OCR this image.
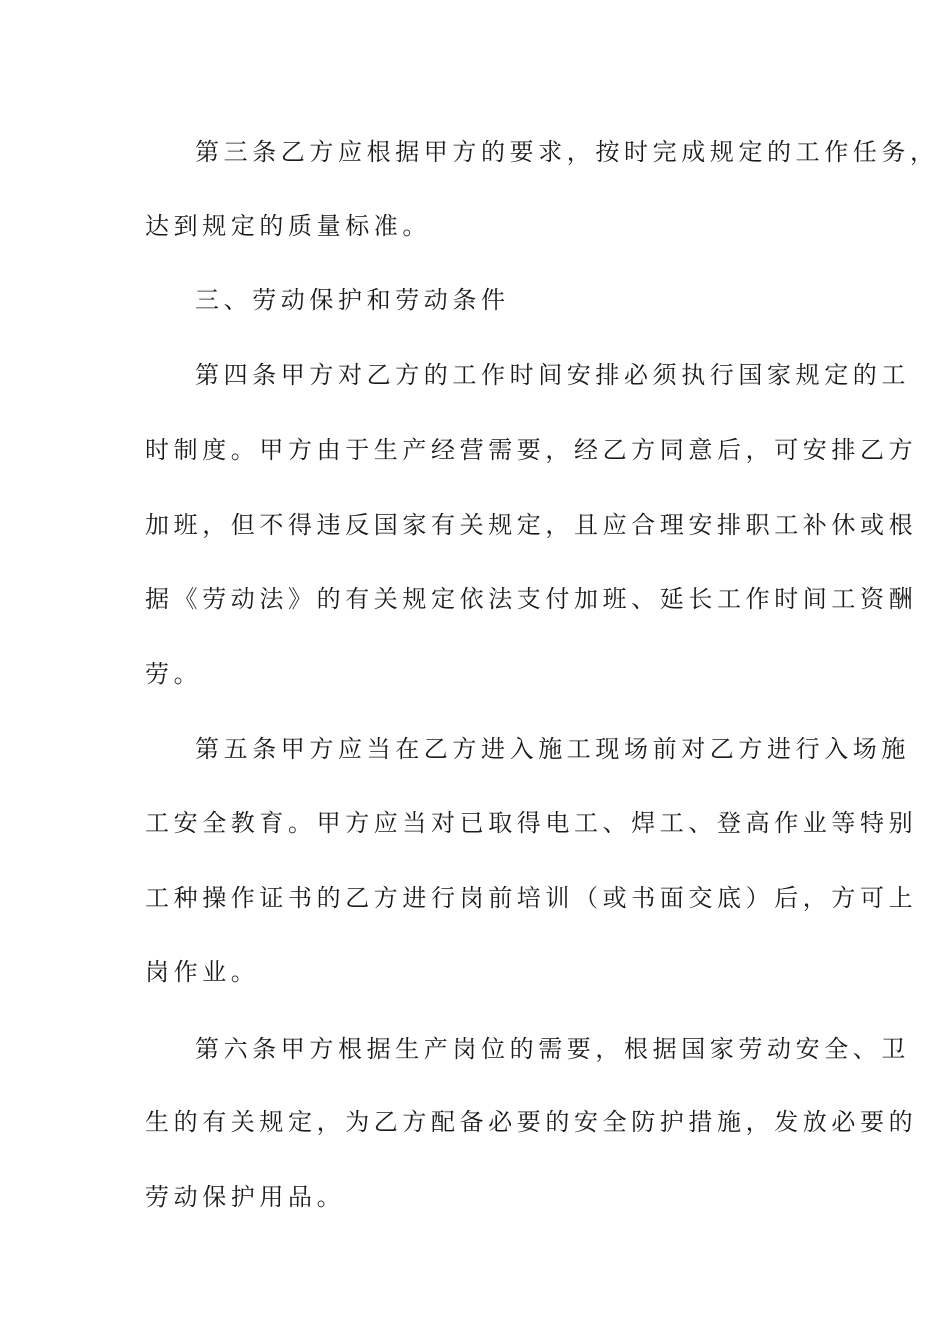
第三条乙方应根据甲方的要求，按时完成规定的工作任务，
达到规定的质量标准。
三、劳动保护和劳动条件
第四条甲方对乙方的工作时间安排必须执行国家规定的工
时制度。甲方由于生产经营需要，经乙方同意后，可安排乙方
加班，但不得违反国家有关规定，且应合理安排职工补休或根
据《劳动法》的有关规定依法支付加班、延长工作时间工资酬
劳。
第五条甲方应当在乙方进入施工现场前对乙方进行入场施
工安全教育。甲方应当对已取得电工、焊工、登高作业等特别
工种操作证书的乙方进行岗前培训（或书面交底）后，方可上
岗作业。
第六条甲方根据生产岗位的需要，根据国家劳动安全、卫
生的有关规定，为乙方配备必要的安全防护措施，发放必要的
劳动保护用品。
